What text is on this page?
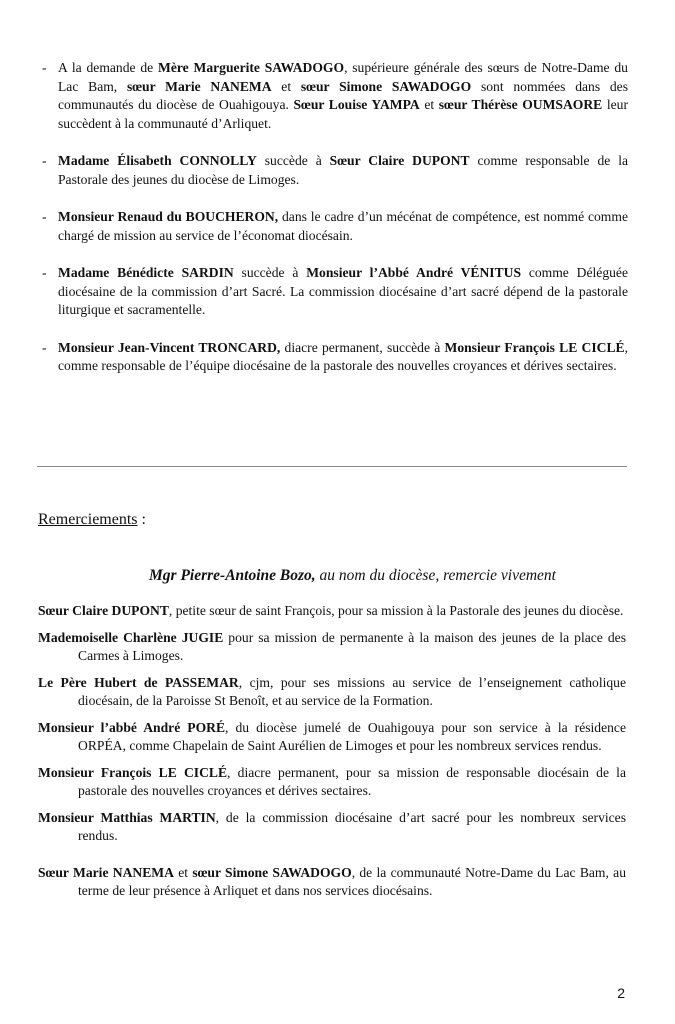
- A la demande de Mère Marguerite SAWADOGO, supérieure générale des sœurs de Notre-Dame du Lac Bam, sœur Marie NANEMA et sœur Simone SAWADOGO sont nommées dans des communautés du diocèse de Ouahigouya. Sœur Louise YAMPA et sœur Thérèse OUMSAORE leur succèdent à la communauté d’Arliquet.
- Madame Élisabeth CONNOLLY succède à Sœur Claire DUPONT comme responsable de la Pastorale des jeunes du diocèse de Limoges.
- Monsieur Renaud du BOUCHERON, dans le cadre d’un mécénat de compétence, est nommé comme chargé de mission au service de l’économat diocésain.
- Madame Bénédicte SARDIN succède à Monsieur l’Abbé André VÉNITUS comme Déléguée diocésaine de la commission d’art Sacré. La commission diocésaine d’art sacré dépend de la pastorale liturgique et sacramentelle.
- Monsieur Jean-Vincent TRONCARD, diacre permanent, succède à Monsieur François LE CICLÉ, comme responsable de l’équipe diocésaine de la pastorale des nouvelles croyances et dérives sectaires.
Remerciements :
Mgr Pierre-Antoine Bozo, au nom du diocèse, remercie vivement
Sœur Claire DUPONT, petite sœur de saint François, pour sa mission à la Pastorale des jeunes du diocèse.
Mademoiselle Charlène JUGIE pour sa mission de permanente à la maison des jeunes de la place des Carmes à Limoges.
Le Père Hubert de PASSEMAR, cjm, pour ses missions au service de l’enseignement catholique diocésain, de la Paroisse St Benoît, et au service de la Formation.
Monsieur l’abbé André PORÉ, du diocèse jumelé de Ouahigouya pour son service à la résidence ORPÉA, comme Chapelain de Saint Aurélien de Limoges et pour les nombreux services rendus.
Monsieur François LE CICLÉ, diacre permanent, pour sa mission de responsable diocésain de la pastorale des nouvelles croyances et dérives sectaires.
Monsieur Matthias MARTIN, de la commission diocésaine d’art sacré pour les nombreux services rendus.
Sœur Marie NANEMA et sœur Simone SAWADOGO, de la communauté Notre-Dame du Lac Bam, au terme de leur présence à Arliquet et dans nos services diocésains.
2
